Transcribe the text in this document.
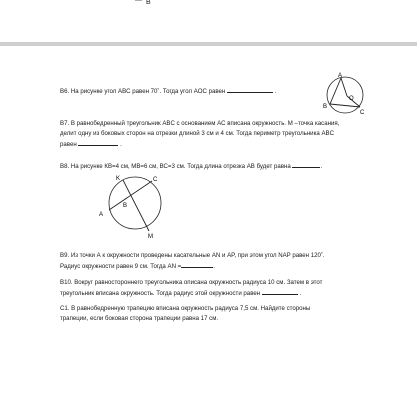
B

В6. На рисунке угол ABC равен 70˚. Тогда угол AOC равен	.

A
B
O
C

В7. В равнобедренный треугольник ABC с основанием AC вписана окружность. М –точка касания,

делит одну из боковых сторон на отрезки длиной 3 см и 4 см. Тогда периметр треугольника ABC

равен	.

В8. На рисунке КВ=4 см, МВ=6 см, ВС=3 см. Тогда длина отрезка АВ будет равна	.

K	C
A
B
M

В9. Из точки А к окружности проведены касательные AN и AP, при этом угол NAP равен 120˚.

Радиус окружности равен 9 см. Тогда AN =	.

В10. Вокруг равностороннего треугольника описана окружность радиуса 10 см. Затем в этот

треугольник вписана окружность. Тогда радиус этой окружности равен	.

С1. В равнобедренную трапецию вписана окружность радиуса 7,5 см. Найдите стороны

трапеции, если боковая сторона трапеции равна 17 см.
